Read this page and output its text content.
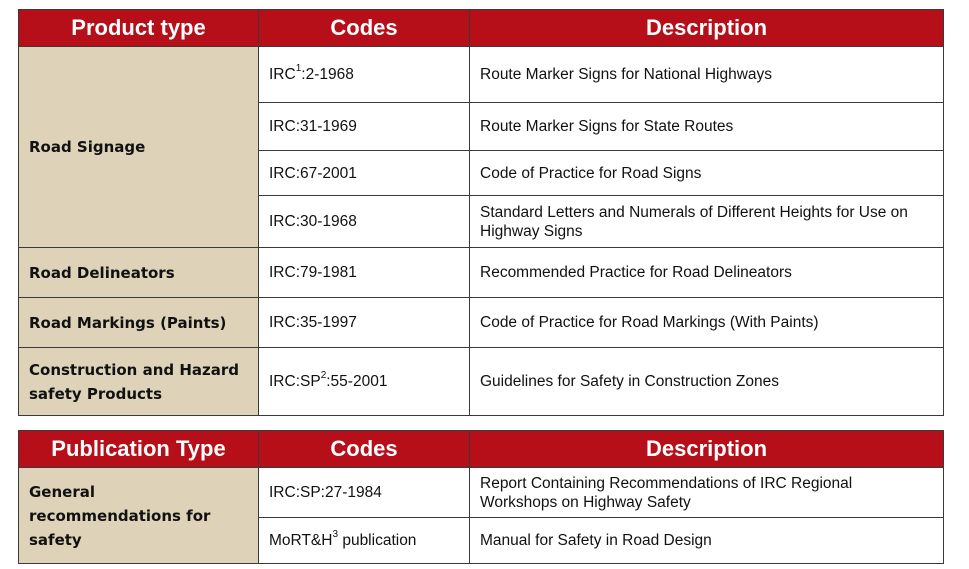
Product type	Codes	Description
Road Signage	IRC$^1$:2-1968	Route Marker Signs for National Highways
	IRC:31-1969	Route Marker Signs for State Routes
	IRC:67-2001	Code of Practice for Road Signs
	IRC:30-1968	Standard Letters and Numerals of Different Heights for Use on Highway Signs
Road Delineators	IRC:79-1981	Recommended Practice for Road Delineators
Road Markings (Paints)	IRC:35-1997	Code of Practice for Road Markings (With Paints)
Construction and Hazard safety Products	$IRC:SP^2:55-2001$	Guidelines for Safety in Construction Zones
Publication Type	Codes	Description
General recommendations for safety	IRC:SP:27-1984	Report Containing Recommendations of IRC Regional Workshops on Highway Safety
	$MoRT\&H^3$ publication	Manual for Safety in Road Design
